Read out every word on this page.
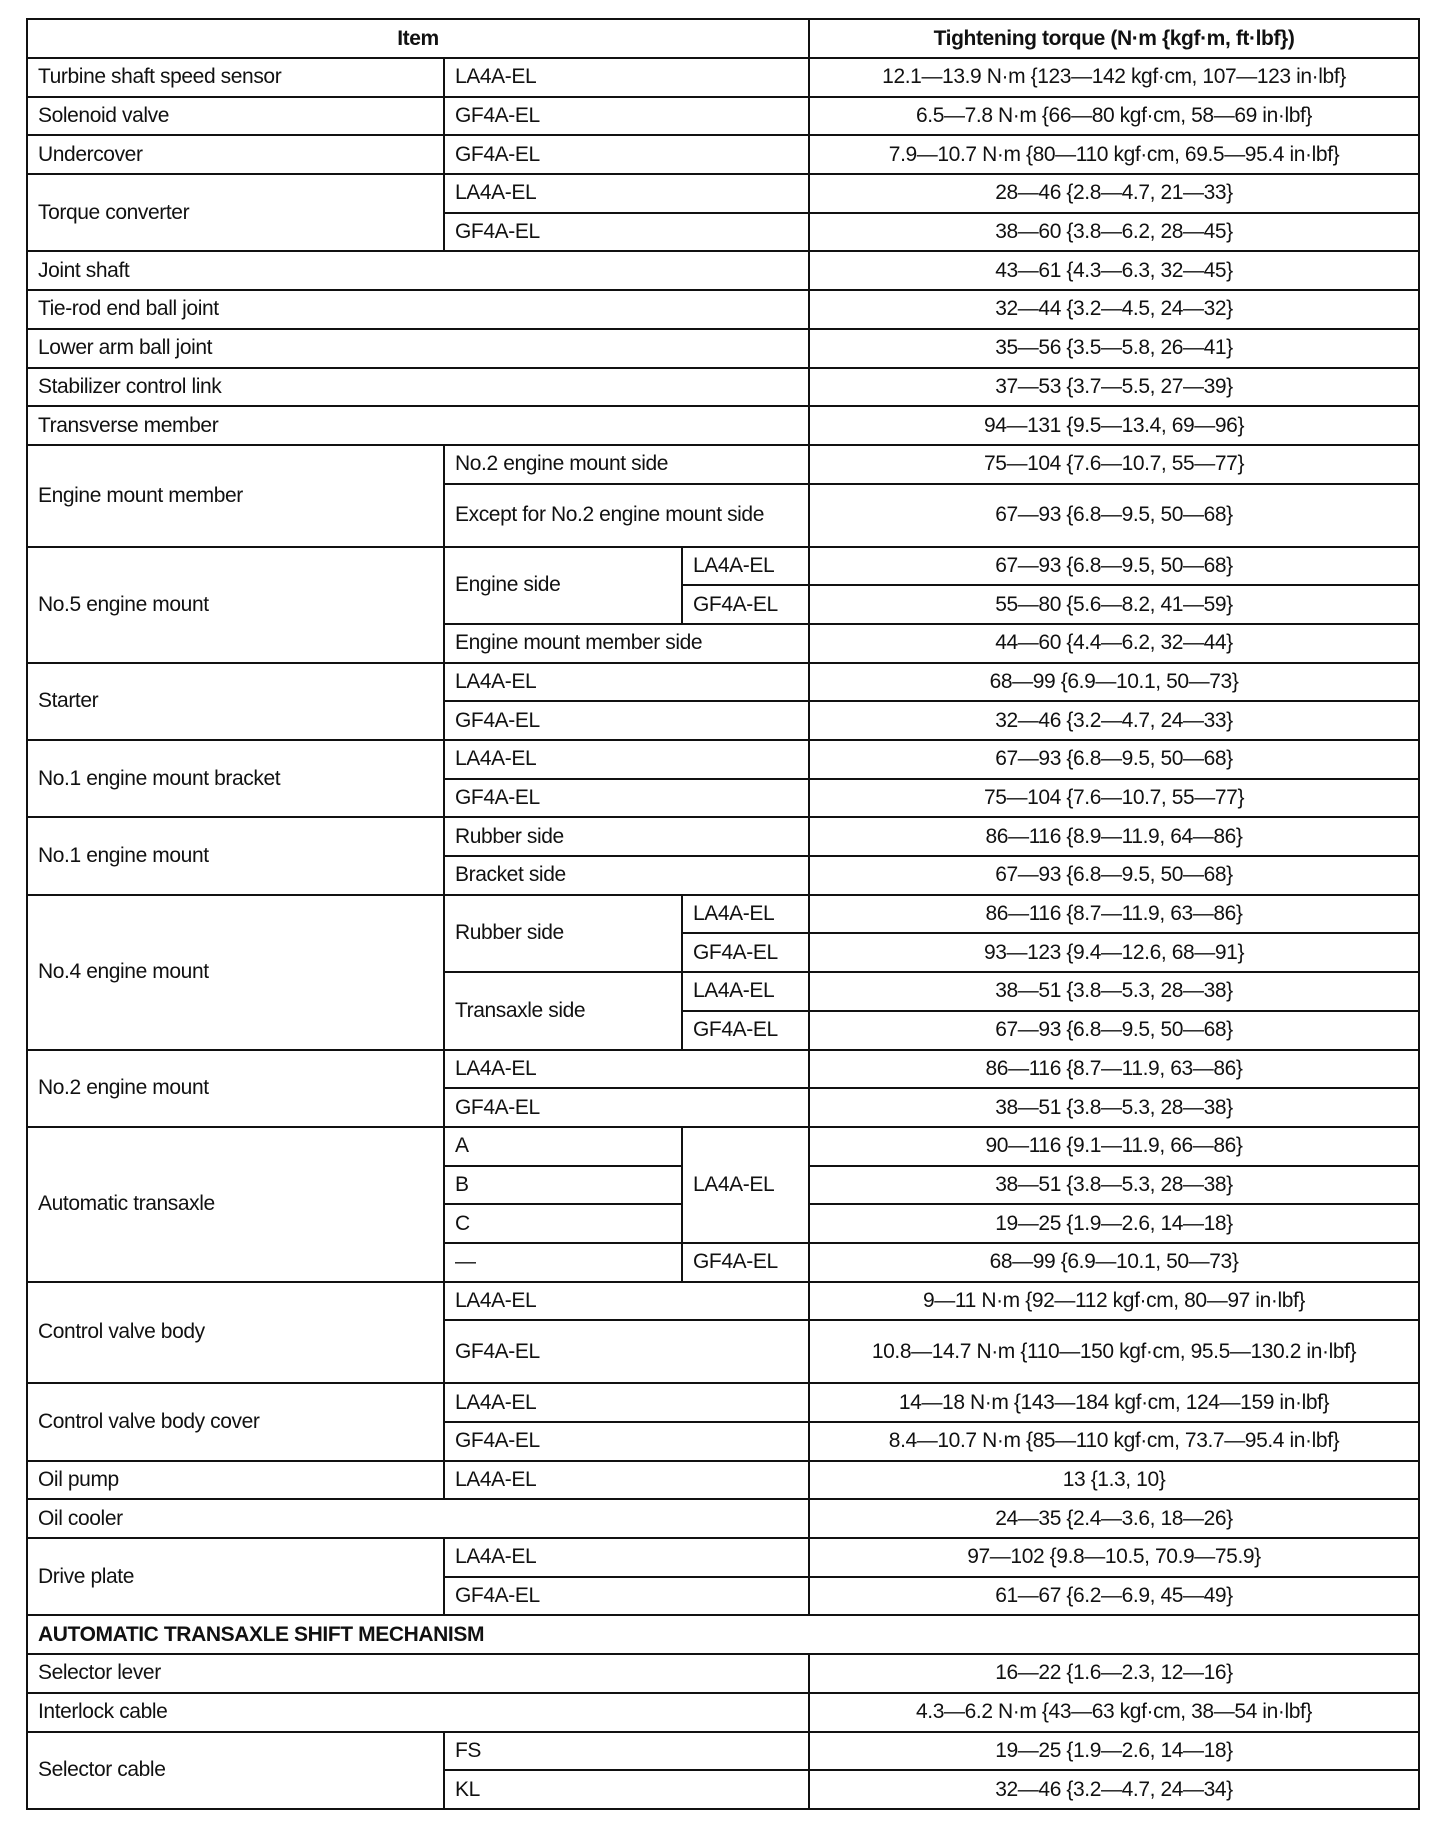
Item			Tightening torque (N·m {kgf·m, ft·lbf})
Turbine shaft speed sensor	LA4A-EL		12.1—13.9 N·m {123—142 kgf·cm, 107—123 in·lbf}
Solenoid valve	GF4A-EL		6.5—7.8 N·m {66—80 kgf·cm, 58—69 in·lbf}
Undercover	GF4A-EL		7.9—10.7 N·m {80—110 kgf·cm, 69.5—95.4 in·lbf}
Torque converter	LA4A-EL		28—46 {2.8—4.7, 21—33}
	GF4A-EL		38—60 {3.8—6.2, 28—45}
Joint shaft			43—61 {4.3—6.3, 32—45}
Tie-rod end ball joint			32—44 {3.2—4.5, 24—32}
Lower arm ball joint			35—56 {3.5—5.8, 26—41}
Stabilizer control link			37—53 {3.7—5.5, 27—39}
Transverse member			94—131 {9.5—13.4, 69—96}
Engine mount member	No.2 engine mount side		75—104 {7.6—10.7, 55—77}
	Except for No.2 engine mount side		67—93 {6.8—9.5, 50—68}
No.5 engine mount	Engine side	LA4A-EL	67—93 {6.8—9.5, 50—68}
		GF4A-EL	55—80 {5.6—8.2, 41—59}
	Engine mount member side		44—60 {4.4—6.2, 32—44}
Starter	LA4A-EL		68—99 {6.9—10.1, 50—73}
	GF4A-EL		32—46 {3.2—4.7, 24—33}
No.1 engine mount bracket	LA4A-EL		67—93 {6.8—9.5, 50—68}
	GF4A-EL		75—104 {7.6—10.7, 55—77}
No.1 engine mount	Rubber side		86—116 {8.9—11.9, 64—86}
	Bracket side		67—93 {6.8—9.5, 50—68}
No.4 engine mount	Rubber side	LA4A-EL	86—116 {8.7—11.9, 63—86}
		GF4A-EL	93—123 {9.4—12.6, 68—91}
	Transaxle side	LA4A-EL	38—51 {3.8—5.3, 28—38}
		GF4A-EL	67—93 {6.8—9.5, 50—68}
No.2 engine mount	LA4A-EL		86—116 {8.7—11.9, 63—86}
	GF4A-EL		38—51 {3.8—5.3, 28—38}
Automatic transaxle	A	LA4A-EL	90—116 {9.1—11.9, 66—86}
	B		38—51 {3.8—5.3, 28—38}
	C		19—25 {1.9—2.6, 14—18}
	—	GF4A-EL	68—99 {6.9—10.1, 50—73}
Control valve body	LA4A-EL		9—11 N·m {92—112 kgf·cm, 80—97 in·lbf}
	GF4A-EL		10.8—14.7 N·m {110—150 kgf·cm, 95.5—130.2 in·lbf}
Control valve body cover	LA4A-EL		14—18 N·m {143—184 kgf·cm, 124—159 in·lbf}
	GF4A-EL		8.4—10.7 N·m {85—110 kgf·cm, 73.7—95.4 in·lbf}
Oil pump	LA4A-EL		13 {1.3, 10}
Oil cooler			24—35 {2.4—3.6, 18—26}
Drive plate	LA4A-EL		97—102 {9.8—10.5, 70.9—75.9}
	GF4A-EL		61—67 {6.2—6.9, 45—49}
AUTOMATIC TRANSAXLE SHIFT MECHANISM			
Selector lever			16—22 {1.6—2.3, 12—16}
Interlock cable			4.3—6.2 N·m {43—63 kgf·cm, 38—54 in·lbf}
Selector cable	FS		19—25 {1.9—2.6, 14—18}
	KL		32—46 {3.2—4.7, 24—34}
